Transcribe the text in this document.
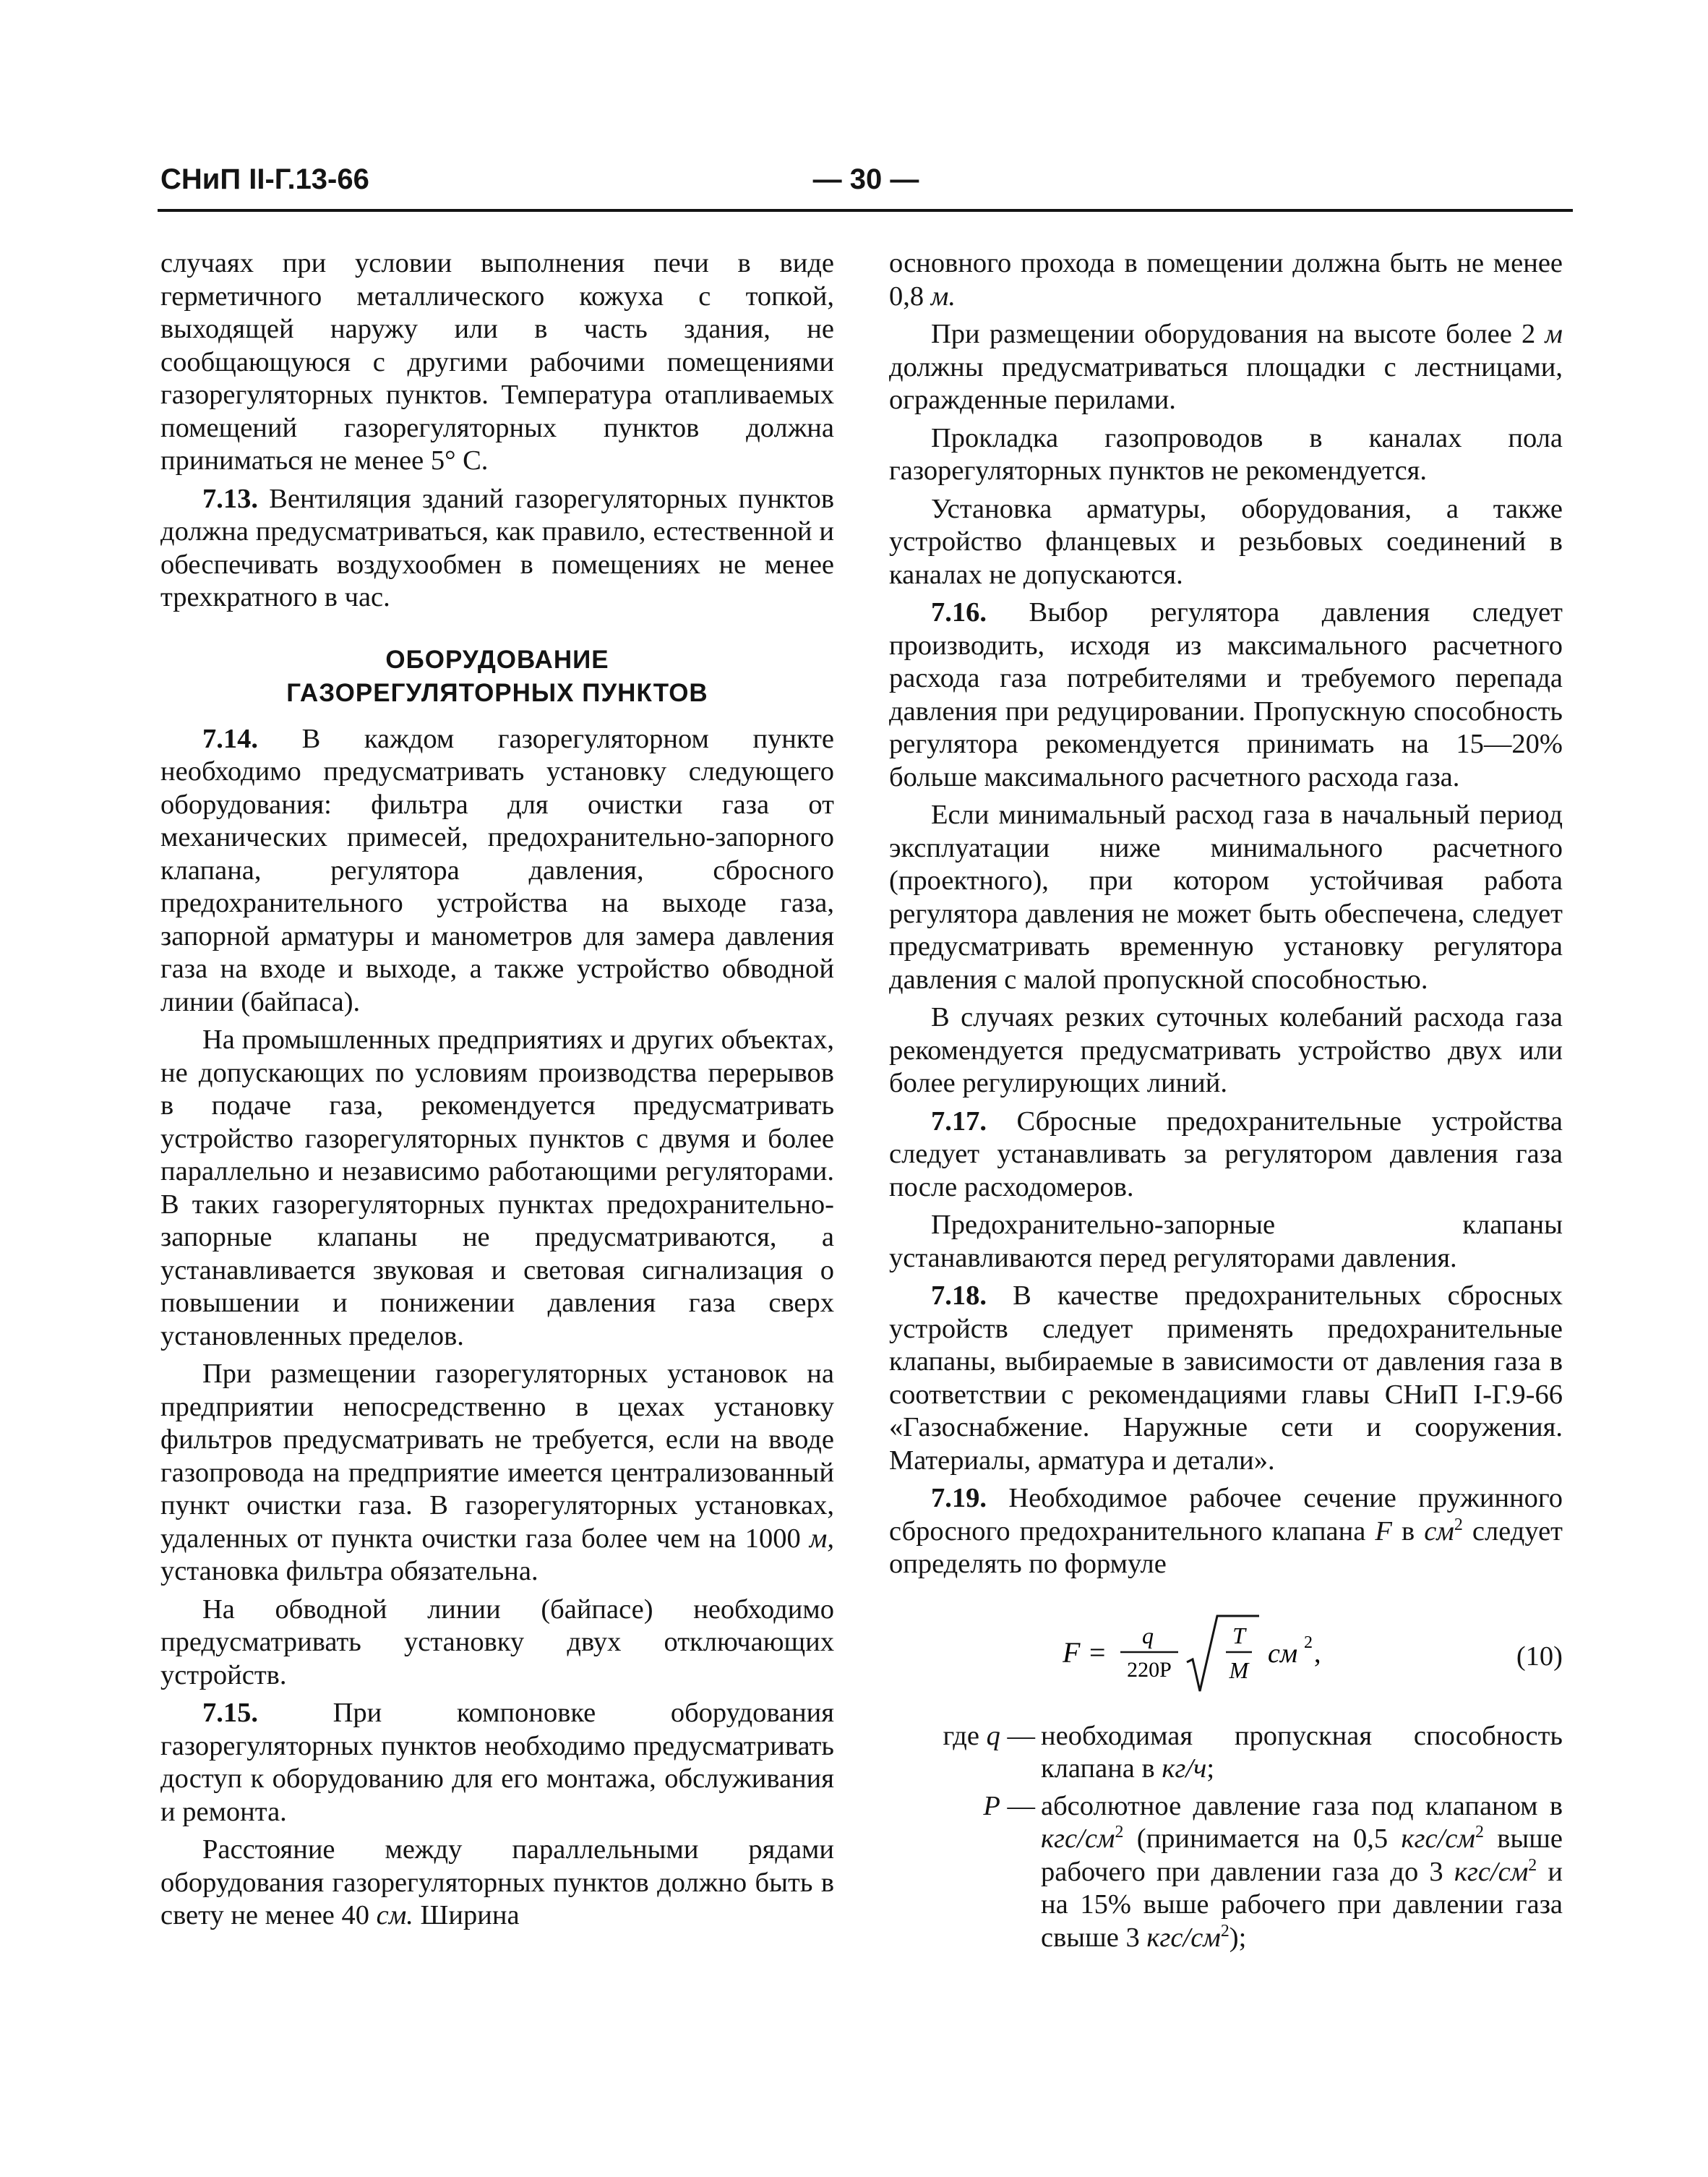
СНиП II-Г.13-66	— 30 —

случаях при условии выполнения печи в виде герметичного металлического кожуха с топкой, выходящей наружу или в часть здания, не сообщающуюся с другими рабочими помещениями газорегуляторных пунктов. Температура отапливаемых помещений газорегуляторных пунктов должна приниматься не менее 5° С.

7.13. Вентиляция зданий газорегуляторных пунктов должна предусматриваться, как правило, естественной и обеспечивать воздухообмен в помещениях не менее трехкратного в час.

ОБОРУДОВАНИЕ
ГАЗОРЕГУЛЯТОРНЫХ ПУНКТОВ

7.14. В каждом газорегуляторном пункте необходимо предусматривать установку следующего оборудования: фильтра для очистки газа от механических примесей, предохранительно-запорного клапана, регулятора давления, сбросного предохранительного устройства на выходе газа, запорной арматуры и манометров для замера давления газа на входе и выходе, а также устройство обводной линии (байпаса).

На промышленных предприятиях и других объектах, не допускающих по условиям производства перерывов в подаче газа, рекомендуется предусматривать устройство газорегуляторных пунктов с двумя и более параллельно и независимо работающими регуляторами. В таких газорегуляторных пунктах предохранительно-запорные клапаны не предусматриваются, а устанавливается звуковая и световая сигнализация о повышении и понижении давления газа сверх установленных пределов.

При размещении газорегуляторных установок на предприятии непосредственно в цехах установку фильтров предусматривать не требуется, если на вводе газопровода на предприятие имеется централизованный пункт очистки газа. В газорегуляторных установках, удаленных от пункта очистки газа более чем на 1000 м, установка фильтра обязательна.

На обводной линии (байпасе) необходимо предусматривать установку двух отключающих устройств.

7.15.	При компоновке оборудования газорегуляторных пунктов необходимо предусматривать доступ к оборудованию для его монтажа, обслуживания и ремонта.

Расстояние между параллельными рядами оборудования газорегуляторных пунктов должно быть в свету не менее 40 см. Ширина

основного прохода в помещении должна быть не менее 0,8 м.

При размещении оборудования на высоте более 2 м должны предусматриваться площадки с лестницами, огражденные перилами.

Прокладка газопроводов в каналах пола газорегуляторных пунктов не рекомендуется.

Установка арматуры, оборудования, а также устройство фланцевых и резьбовых соединений в каналах не допускаются.

7.16. Выбор регулятора давления следует производить, исходя из максимального расчетного расхода газа потребителями и требуемого перепада давления при редуцировании. Пропускную способность регулятора рекомендуется принимать на 15—20% больше максимального расчетного расхода газа.

Если минимальный расход газа в начальный период эксплуатации ниже минимального расчетного (проектного), при котором устойчивая работа регулятора давления не может быть обеспечена, следует предусматривать временную установку регулятора давления с малой пропускной способностью.

В случаях резких суточных колебаний расхода газа рекомендуется предусматривать устройство двух или более регулирующих линий.

7.17. Сбросные предохранительные устройства следует устанавливать за регулятором давления газа после расходомеров.

Предохранительно-запорные клапаны устанавливаются перед регуляторами давления.

7.18. В качестве предохранительных сбросных устройств следует применять предохранительные клапаны, выбираемые в зависимости от давления газа в соответствии с рекомендациями главы СНиП I-Г.9-66 «Газоснабжение. Наружные сети и сооружения. Материалы, арматура и детали».

7.19. Необходимое рабочее сечение пружинного сбросного предохранительного клапана F в $см^2$ следует определять по формуле

F =
q
220P
T
M
см 2 ,	(10)
где q — необходимая пропускная способность клапана в кг/ч;
P — абсолютное давление газа под клапаном в кгс/$см^2$ (принимается на 0,5 кгс/$см^2$ выше рабочего при давлении газа до 3 кгс/$см^2$ и на 15% выше рабочего при давлении газа свыше 3 кгс/$см^2$);
